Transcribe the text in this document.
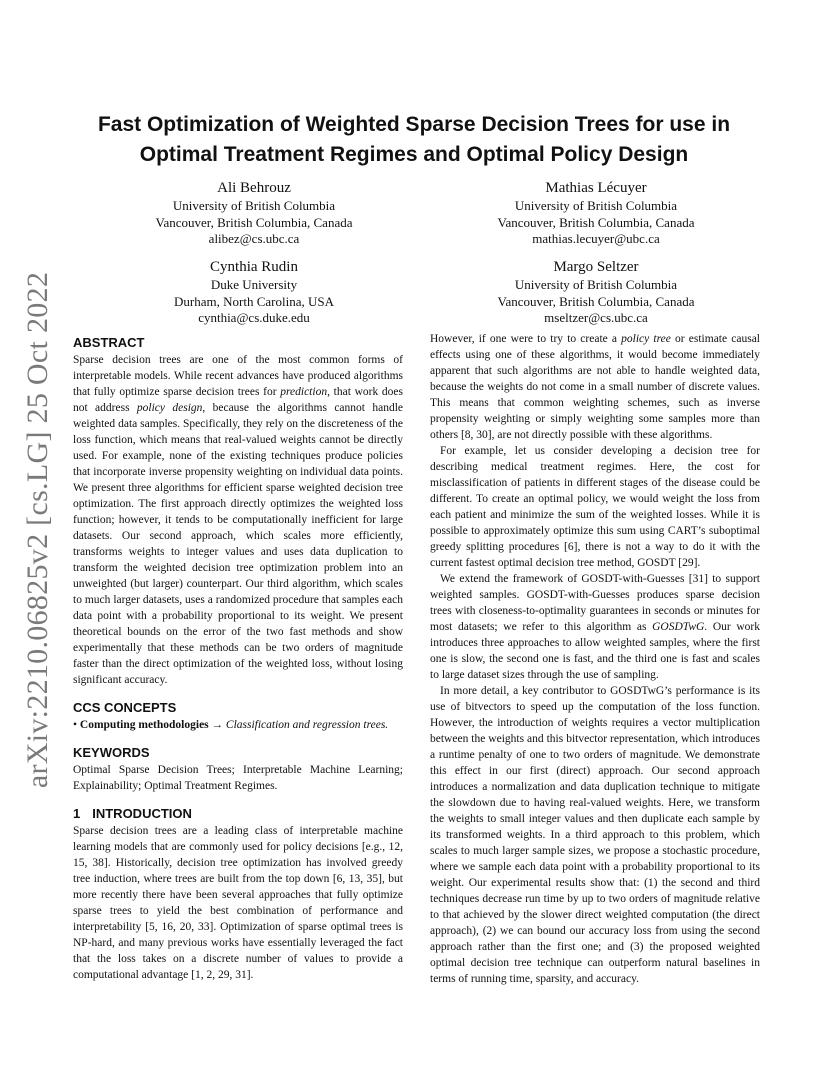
arXiv:2210.06825v2 [cs.LG] 25 Oct 2022
Fast Optimization of Weighted Sparse Decision Trees for use in Optimal Treatment Regimes and Optimal Policy Design
Ali Behrouz
University of British Columbia
Vancouver, British Columbia, Canada
alibez@cs.ubc.ca
Mathias Lécuyer
University of British Columbia
Vancouver, British Columbia, Canada
mathias.lecuyer@ubc.ca
Cynthia Rudin
Duke University
Durham, North Carolina, USA
cynthia@cs.duke.edu
Margo Seltzer
University of British Columbia
Vancouver, British Columbia, Canada
mseltzer@cs.ubc.ca
ABSTRACT

Sparse decision trees are one of the most common forms of interpretable models. While recent advances have produced algorithms that fully optimize sparse decision trees for prediction, that work does not address policy design, because the algorithms cannot handle weighted data samples. Specifically, they rely on the discreteness of the loss function, which means that real-valued weights cannot be directly used. For example, none of the existing techniques produce policies that incorporate inverse propensity weighting on individual data points. We present three algorithms for efficient sparse weighted decision tree optimization. The first approach directly optimizes the weighted loss function; however, it tends to be computationally inefficient for large datasets. Our second approach, which scales more efficiently, transforms weights to integer values and uses data duplication to transform the weighted decision tree optimization problem into an unweighted (but larger) counterpart. Our third algorithm, which scales to much larger datasets, uses a randomized procedure that samples each data point with a probability proportional to its weight. We present theoretical bounds on the error of the two fast methods and show experimentally that these methods can be two orders of magnitude faster than the direct optimization of the weighted loss, without losing significant accuracy.

CCS CONCEPTS

• Computing methodologies → Classification and regression trees.

KEYWORDS

Optimal Sparse Decision Trees; Interpretable Machine Learning; Explainability; Optimal Treatment Regimes.

1 INTRODUCTION

Sparse decision trees are a leading class of interpretable machine learning models that are commonly used for policy decisions [e.g., 12, 15, 38]. Historically, decision tree optimization has involved greedy tree induction, where trees are built from the top down [6, 13, 35], but more recently there have been several approaches that fully optimize sparse trees to yield the best combination of performance and interpretability [5, 16, 20, 33]. Optimization of sparse optimal trees is NP-hard, and many previous works have essentially leveraged the fact that the loss takes on a discrete number of values to provide a computational advantage [1, 2, 29, 31].

However, if one were to try to create a policy tree or estimate causal effects using one of these algorithms, it would become immediately apparent that such algorithms are not able to handle weighted data, because the weights do not come in a small number of discrete values. This means that common weighting schemes, such as inverse propensity weighting or simply weighting some samples more than others [8, 30], are not directly possible with these algorithms.

For example, let us consider developing a decision tree for describing medical treatment regimes. Here, the cost for misclassification of patients in different stages of the disease could be different. To create an optimal policy, we would weight the loss from each patient and minimize the sum of the weighted losses. While it is possible to approximately optimize this sum using CART’s suboptimal greedy splitting procedures [6], there is not a way to do it with the current fastest optimal decision tree method, GOSDT [29].

We extend the framework of GOSDT-with-Guesses [31] to support weighted samples. GOSDT-with-Guesses produces sparse decision trees with closeness-to-optimality guarantees in seconds or minutes for most datasets; we refer to this algorithm as GOSDTwG. Our work introduces three approaches to allow weighted samples, where the first one is slow, the second one is fast, and the third one is fast and scales to large dataset sizes through the use of sampling.

In more detail, a key contributor to GOSDTwG’s performance is its use of bitvectors to speed up the computation of the loss function. However, the introduction of weights requires a vector multiplication between the weights and this bitvector representation, which introduces a runtime penalty of one to two orders of magnitude. We demonstrate this effect in our first (direct) approach. Our second approach introduces a normalization and data duplication technique to mitigate the slowdown due to having real-valued weights. Here, we transform the weights to small integer values and then duplicate each sample by its transformed weights. In a third approach to this problem, which scales to much larger sample sizes, we propose a stochastic procedure, where we sample each data point with a probability proportional to its weight. Our experimental results show that: (1) the second and third techniques decrease run time by up to two orders of magnitude relative to that achieved by the slower direct weighted computation (the direct approach), (2) we can bound our accuracy loss from using the second approach rather than the first one; and (3) the proposed weighted optimal decision tree technique can outperform natural baselines in terms of running time, sparsity, and accuracy.
